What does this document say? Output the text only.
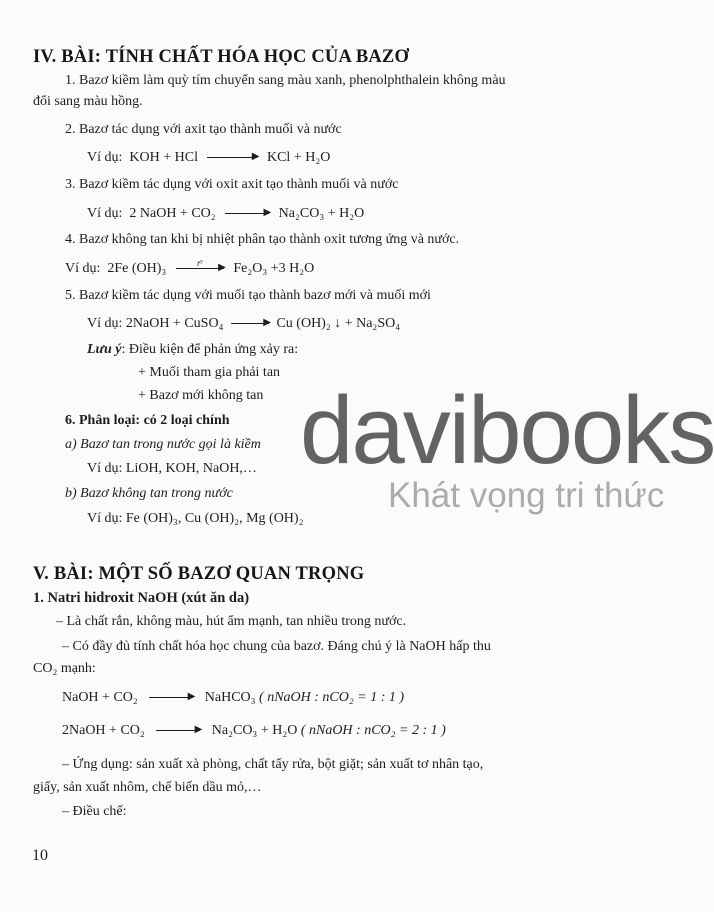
IV. BÀI: TÍNH CHẤT HÓA HỌC CỦA BAZƠ
1. Bazơ kiềm làm quỳ tím chuyển sang màu xanh, phenolphthalein không màu
đổi sang màu hồng.
2. Bazơ tác dụng với axit tạo thành muối và nước
Ví dụ: KOH + HCl	▶ KCl + H₂O
3. Bazơ kiềm tác dụng với oxit axit tạo thành muối và nước
Ví dụ: 2 NaOH + CO₂	▶ Na₂CO₃ + H₂O
4. Bazơ không tan khi bị nhiệt phân tạo thành oxit tương ứng và nước.
Ví dụ: 2Fe (OH)₃	t⁰ ▶ Fe₂O₃ +3 H₂O
5. Bazơ kiềm tác dụng với muối tạo thành bazơ mới và muối mới
Ví dụ: 2NaOH + CuSO₄	▶ Cu (OH)₂ ↓ + Na₂SO₄
Lưu ý: Điều kiện để phản ứng xảy ra:
+ Muối tham gia phải tan
+ Bazơ mới không tan
6. Phân loại: có 2 loại chính
a) Bazơ tan trong nước gọi là kiềm
Ví dụ: LiOH, KOH, NaOH,…
b) Bazơ không tan trong nước
Ví dụ: Fe (OH)₃, Cu (OH)₂, Mg (OH)₂
V. BÀI: MỘT SỐ BAZƠ QUAN TRỌNG
1. Natri hidroxit NaOH (xút ăn da)
– Là chất rắn, không màu, hút ẩm mạnh, tan nhiều trong nước.
– Có đầy đủ tính chất hóa học chung của bazơ. Đáng chú ý là NaOH hấp thu
CO₂ mạnh:
NaOH + CO₂	▶ NaHCO₃ ( nNaOH : nCO₂ = 1 : 1 )
2NaOH + CO₂	▶ Na₂CO₃ + H₂O ( nNaOH : nCO₂ = 2 : 1 )
– Ứng dụng: sản xuất xà phòng, chất tẩy rửa, bột giặt; sản xuất tơ nhân tạo,
giấy, sản xuất nhôm, chế biến dầu mỏ,…
– Điều chế:
davibooks
Khát vọng tri thức
10
